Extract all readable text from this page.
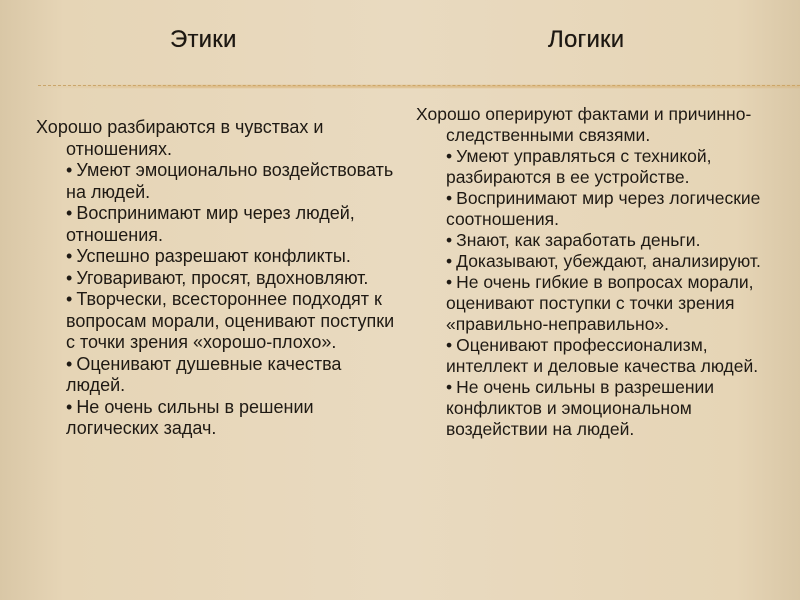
Этики	Логики
Хорошо разбираются в чувствах и отношениях.
• Умеют эмоционально воздействовать на людей.
• Воспринимают мир через людей, отношения.
• Успешно разрешают конфликты.
• Уговаривают, просят, вдохновляют.
• Творчески, всестороннее подходят к вопросам морали, оценивают поступки с точки зрения «хорошо-плохо».
• Оценивают душевные качества людей.
• Не очень сильны в решении логических задач.
Хорошо оперируют фактами и причинно-следственными связями.
• Умеют управляться с техникой, разбираются в ее устройстве.
• Воспринимают мир через логические соотношения.
• Знают, как заработать деньги.
• Доказывают, убеждают, анализируют.
• Не очень гибкие в вопросах морали, оценивают поступки с точки зрения «правильно-неправильно».
• Оценивают профессионализм, интеллект и деловые качества людей.
• Не очень сильны в разрешении конфликтов и эмоциональном воздействии на людей.
